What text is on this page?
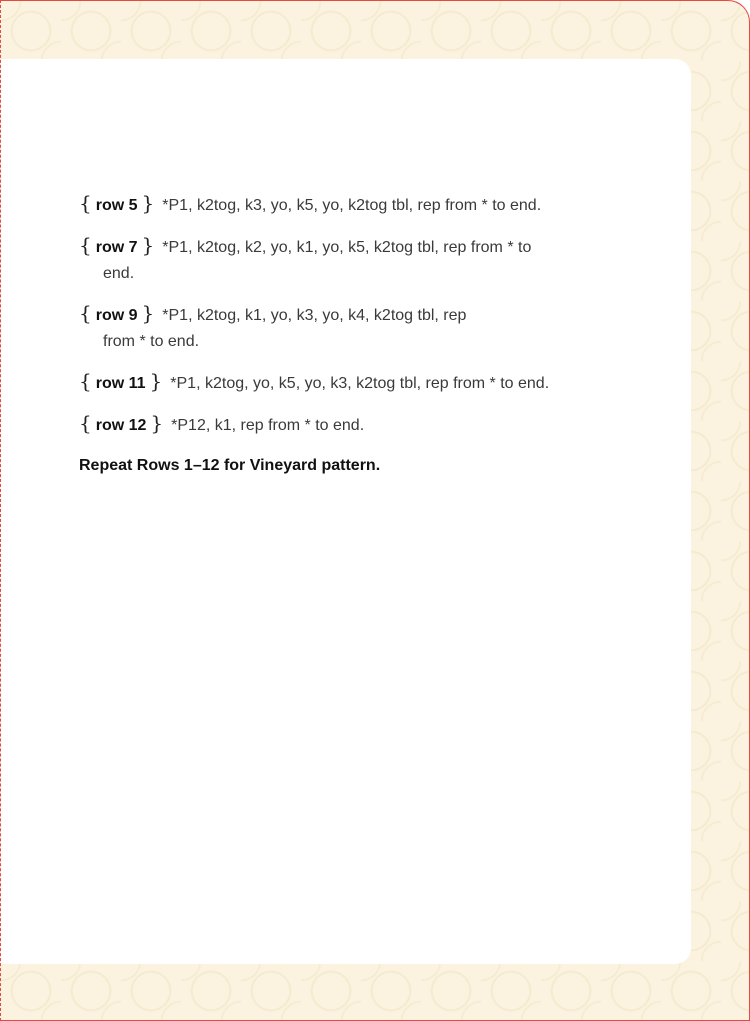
{ row 5 } *P1, k2tog, k3, yo, k5, yo, k2tog tbl, rep from * to end.

{ row 7 } *P1, k2tog, k2, yo, k1, yo, k5, k2tog tbl, rep from * to end.

{ row 9 } *P1, k2tog, k1, yo, k3, yo, k4, k2tog tbl, rep from * to end.

{ row 11 } *P1, k2tog, yo, k5, yo, k3, k2tog tbl, rep from * to end.

{ row 12 } *P12, k1, rep from * to end.

Repeat Rows 1–12 for Vineyard pattern.
